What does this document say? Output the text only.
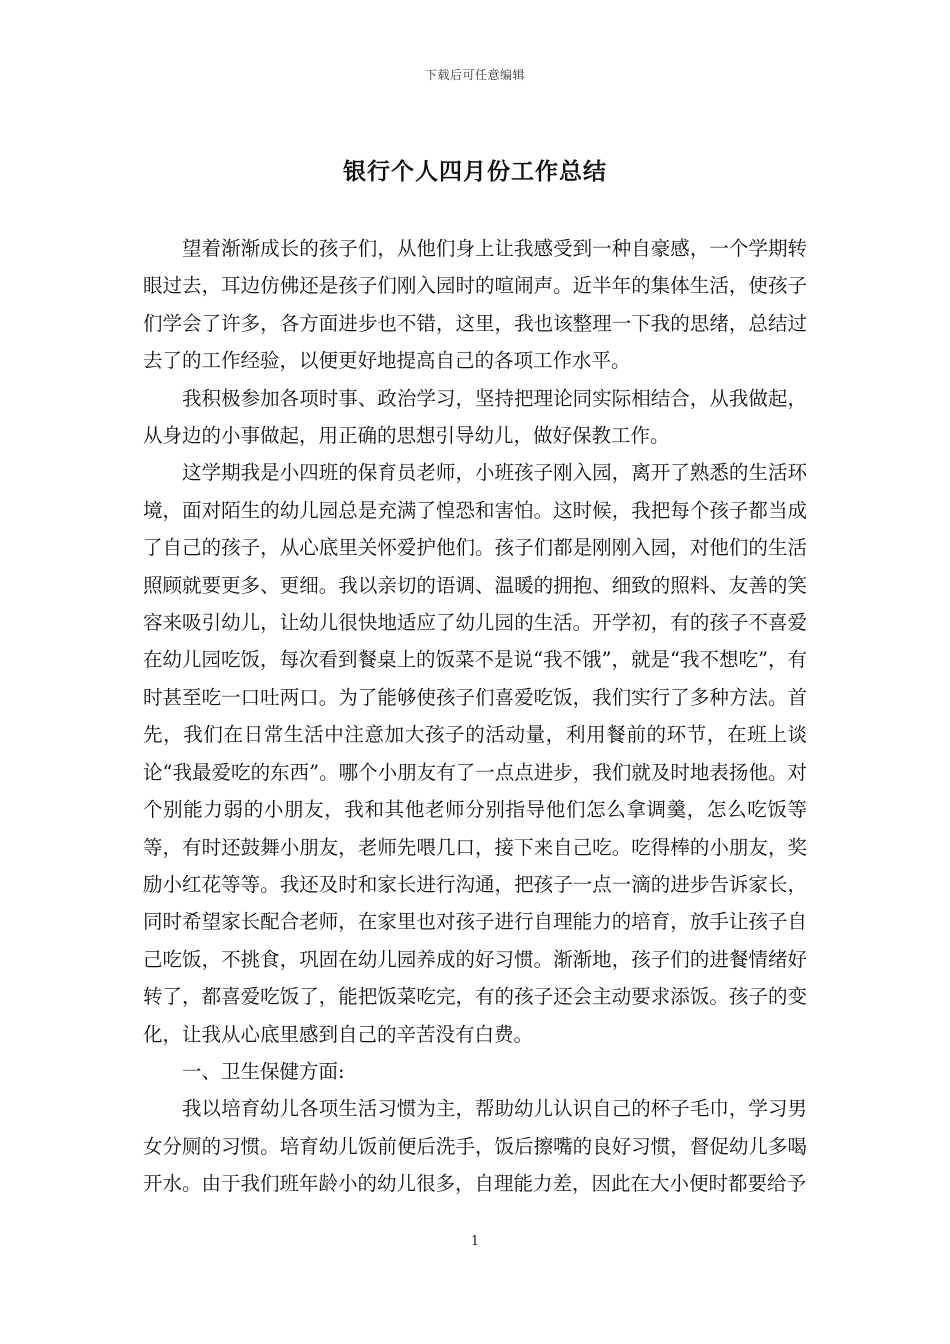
下载后可任意编辑
银行个人四月份工作总结

望着渐渐成长的孩子们，从他们身上让我感受到一种自豪感，一个学期转眼过去，耳边仿佛还是孩子们刚入园时的喧闹声。近半年的集体生活，使孩子们学会了许多，各方面进步也不错，这里，我也该整理一下我的思绪，总结过去了的工作经验，以便更好地提高自己的各项工作水平。

我积极参加各项时事、政治学习，坚持把理论同实际相结合，从我做起，从身边的小事做起，用正确的思想引导幼儿，做好保教工作。

这学期我是小四班的保育员老师，小班孩子刚入园，离开了熟悉的生活环境，面对陌生的幼儿园总是充满了惶恐和害怕。这时候，我把每个孩子都当成了自己的孩子，从心底里关怀爱护他们。孩子们都是刚刚入园，对他们的生活照顾就要更多、更细。我以亲切的语调、温暖的拥抱、细致的照料、友善的笑容来吸引幼儿，让幼儿很快地适应了幼儿园的生活。开学初，有的孩子不喜爱在幼儿园吃饭，每次看到餐桌上的饭菜不是说“我不饿”，就是“我不想吃”，有时甚至吃一口吐两口。为了能够使孩子们喜爱吃饭，我们实行了多种方法。首先，我们在日常生活中注意加大孩子的活动量，利用餐前的环节，在班上谈论“我最爱吃的东西”。哪个小朋友有了一点点进步，我们就及时地表扬他。对个别能力弱的小朋友，我和其他老师分别指导他们怎么拿调羹，怎么吃饭等等，有时还鼓舞小朋友，老师先喂几口，接下来自己吃。吃得棒的小朋友，奖励小红花等等。我还及时和家长进行沟通，把孩子一点一滴的进步告诉家长，同时希望家长配合老师，在家里也对孩子进行自理能力的培育，放手让孩子自己吃饭，不挑食，巩固在幼儿园养成的好习惯。渐渐地，孩子们的进餐情绪好转了，都喜爱吃饭了，能把饭菜吃完，有的孩子还会主动要求添饭。孩子的变化，让我从心底里感到自己的辛苦没有白费。

一、卫生保健方面:

我以培育幼儿各项生活习惯为主，帮助幼儿认识自己的杯子毛巾，学习男女分厕的习惯。培育幼儿饭前便后洗手，饭后擦嘴的良好习惯，督促幼儿多喝开水。由于我们班年龄小的幼儿很多，自理能力差，因此在大小便时都要给予

1
